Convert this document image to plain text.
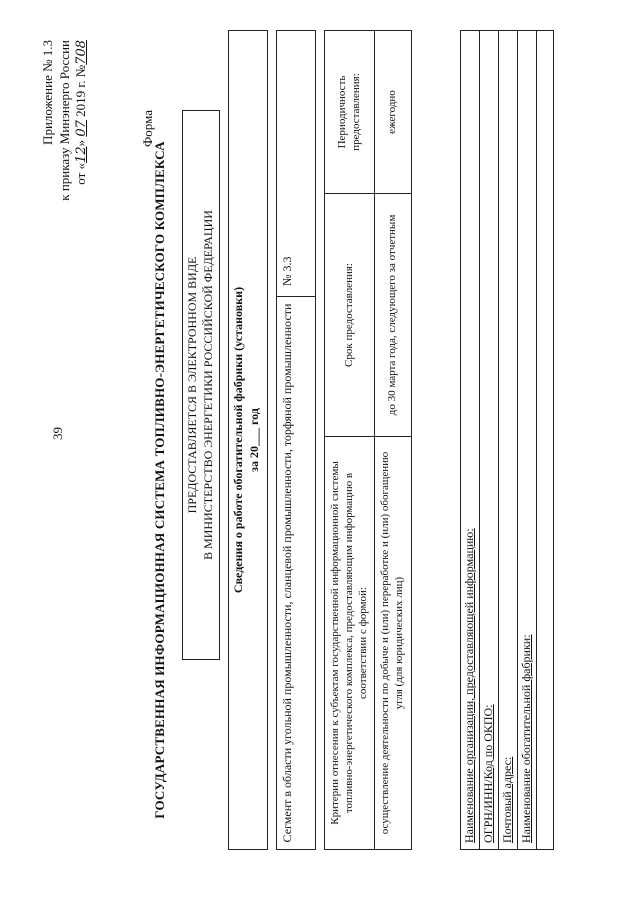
39
Приложение № 1.3 к приказу Минэнерго России от «12» 07 2019 г. №708
Форма
ГОСУДАРСТВЕННАЯ ИНФОРМАЦИОННАЯ СИСТЕМА ТОПЛИВНО-ЭНЕРГЕТИЧЕСКОГО КОМПЛЕКСА ПРЕДОСТАВЛЯЕТСЯ В ЭЛЕКТРОННОМ ВИДЕ В МИНИСТЕРСТВО ЭНЕРГЕТИКИ РОССИЙСКОЙ ФЕДЕРАЦИИ Сведения о работе обогатительной фабрики (установки) за 20___ год Сегмент в области угольной промышленности, сланцевой промышленности, торфяной промышленности
№ 3.3
Критерии отнесения к субъектам государственной информационной системы топливно-энергетического комплекса, предоставляющим информацию в соответствии с формой:	Срок предоставления:	Периодичность предоставления:
осуществление деятельности по добыче и (или) переработке и (или) обогащению угля (для юридических лиц)	до 30 марта года, следующего за отчетным	ежегодно
Наименование организации, предоставляющей информацию: ОГРН/ИНН/Код по ОКПО: Почтовый адрес: Наименование обогатительной фабрики:
